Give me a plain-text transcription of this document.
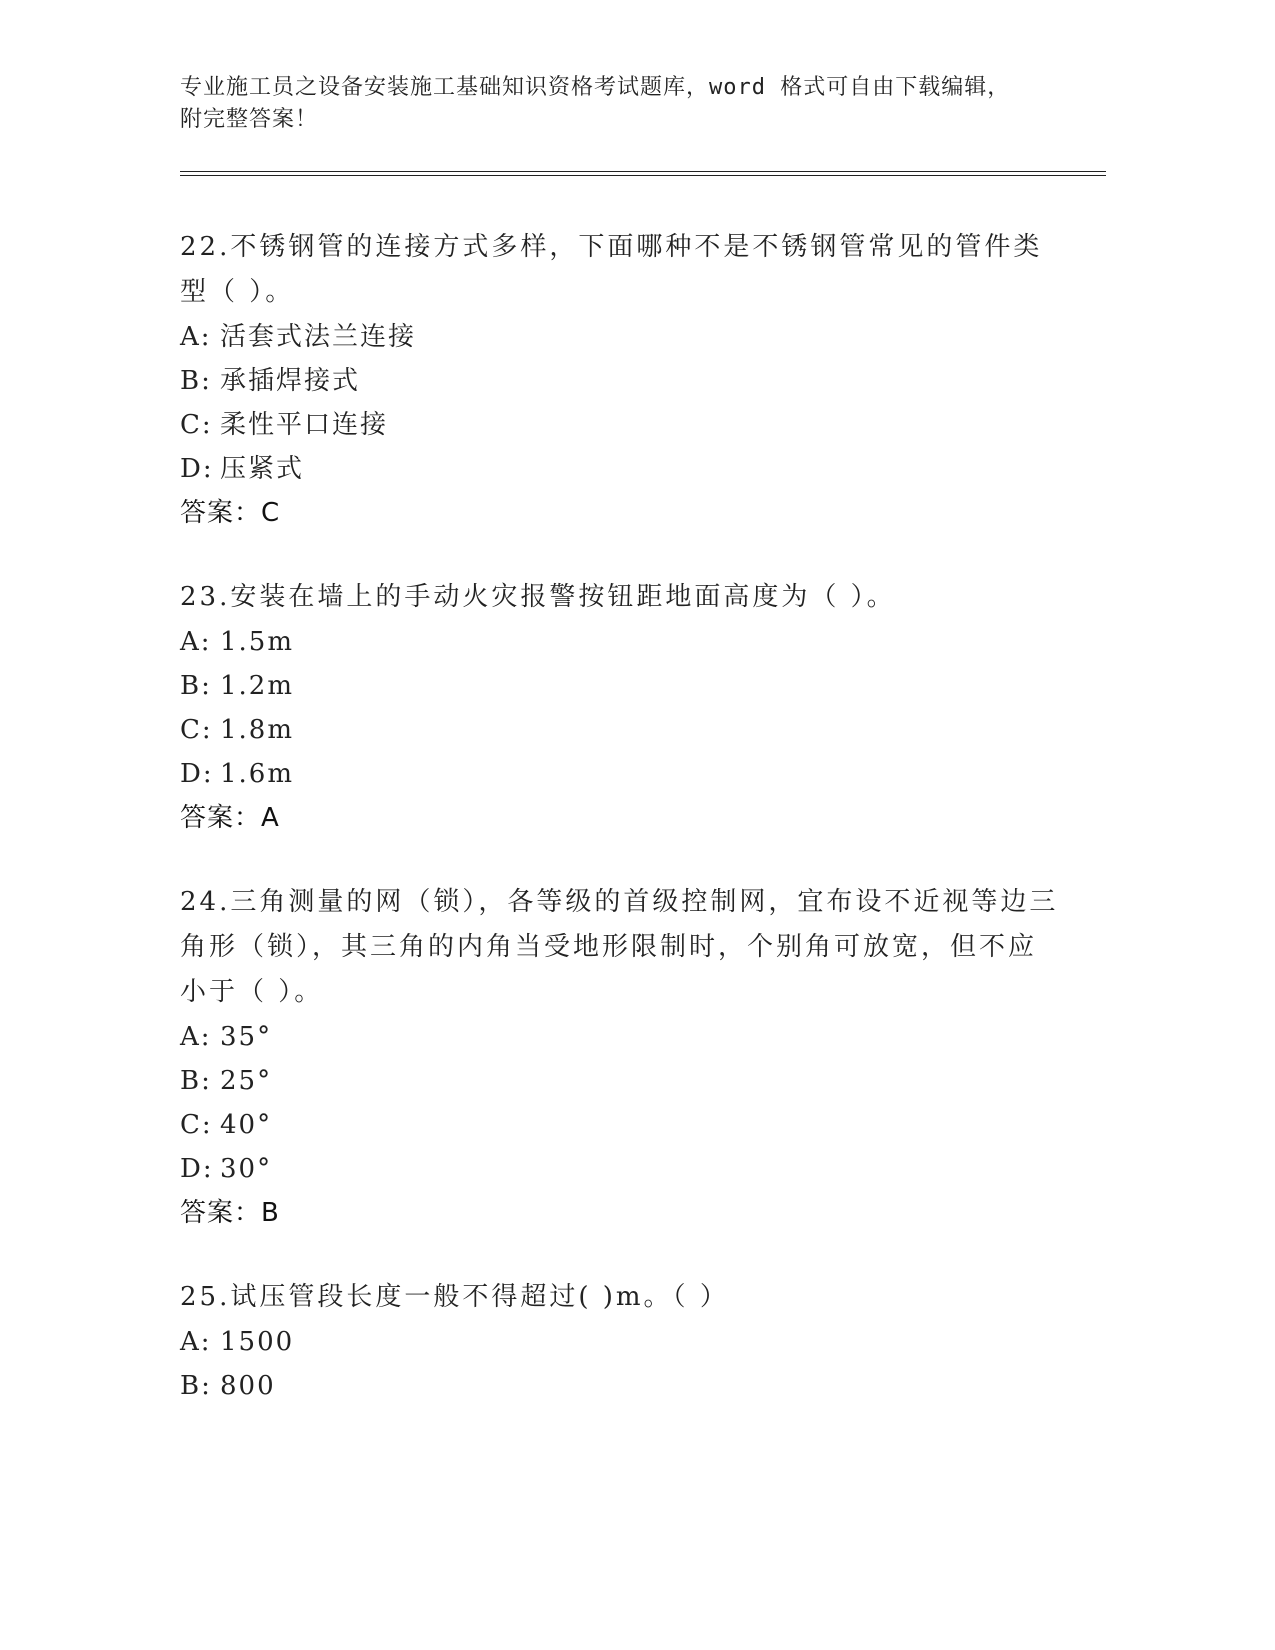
专业施工员之设备安装施工基础知识资格考试题库，word 格式可自由下载编辑，
附完整答案！

22.不锈钢管的连接方式多样，下面哪种不是不锈钢管常见的管件类型（ ）。

A: 活套式法兰连接
B: 承插焊接式
C: 柔性平口连接
D: 压紧式
答案：C

23.安装在墙上的手动火灾报警按钮距地面高度为（ ）。

A: 1.5m
B: 1.2m
C: 1.8m
D: 1.6m
答案：A

24.三角测量的网（锁），各等级的首级控制网，宜布设不近视等边三角形（锁），其三角的内角当受地形限制时，个别角可放宽，但不应小于（ ）。

A: 35°
B: 25°
C: 40°
D: 30°
答案：B

25.试压管段长度一般不得超过( )m。（ ）

A: 1500
B: 800
